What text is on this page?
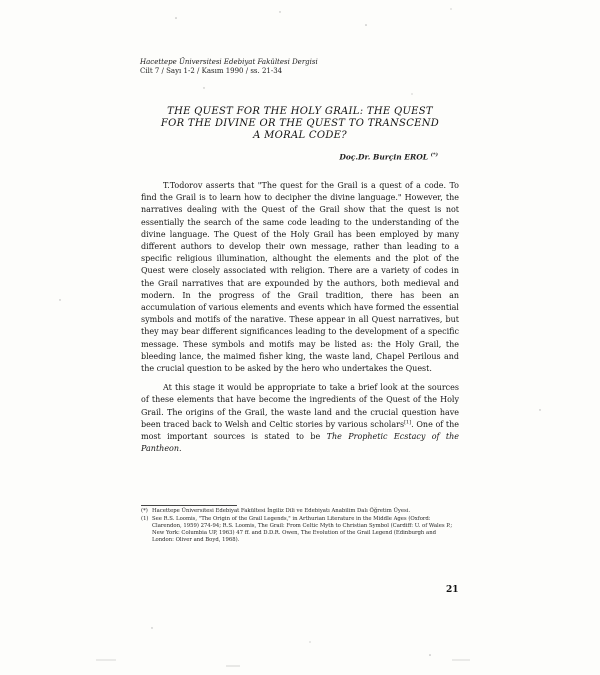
Hacettepe Üniversitesi Edebiyat Fakültesi Dergisi
Cilt 7 / Sayı 1-2 / Kasım 1990 / ss. 21-34
THE QUEST FOR THE HOLY GRAIL: THE QUEST
FOR THE DIVINE OR THE QUEST TO TRANSCEND
A MORAL CODE?
Doç.Dr. Burçin EROL (*)

T.Todorov asserts that "The quest for the Grail is a quest of a code. To find the Grail is to learn how to decipher the divine language." However, the narratives dealing with the Quest of the Grail show that the quest is not essentially the search of the same code leading to the understanding of the divine language. The Quest of the Holy Grail has been employed by many different authors to develop their own message, rather than leading to a specific religious illumination, althought the elements and the plot of the Quest were closely associated with religion. There are a variety of codes in the Grail narratives that are expounded by the authors, both medieval and modern. In the progress of the Grail tradition, there has been an accumulation of various elements and events which have formed the essential symbols and motifs of the narative. These appear in all Quest narratives, but they may bear different significances leading to the development of a specific message. These symbols and motifs may be listed as: the Holy Grail, the bleeding lance, the maimed fisher king, the waste land, Chapel Perilous and the crucial question to be asked by the hero who undertakes the Quest.

At this stage it would be appropriate to take a brief look at the sources of these elements that have become the ingredients of the Quest of the Holy Grail. The origins of the Grail, the waste land and the crucial question have been traced back to Welsh and Celtic stories by various scholars[1]. One of the most important sources is stated to be The Prophetic Ecstacy of the Pantheon.

(*) Hacettepe Üniversitesi Edebiyat Fakültesi İngiliz Dili ve Edebiyatı Anabilim Dalı Öğretim Üyesi.
(1) See R.S. Loomis, "The Origin of the Grail Legends," in Arthurian Literature in the Middle Ages (Oxford: Clarendon, 1959) 274-94; R.S. Loomis, The Grail: From Celtic Myth to Christian Symbol (Cardiff: U. of Wales P.; New York: Columbia UP, 1963) 47 ff. and D.D.R. Owen, The Evolution of the Grail Legend (Edinburgh and London: Oliver and Boyd, 1968).
21
